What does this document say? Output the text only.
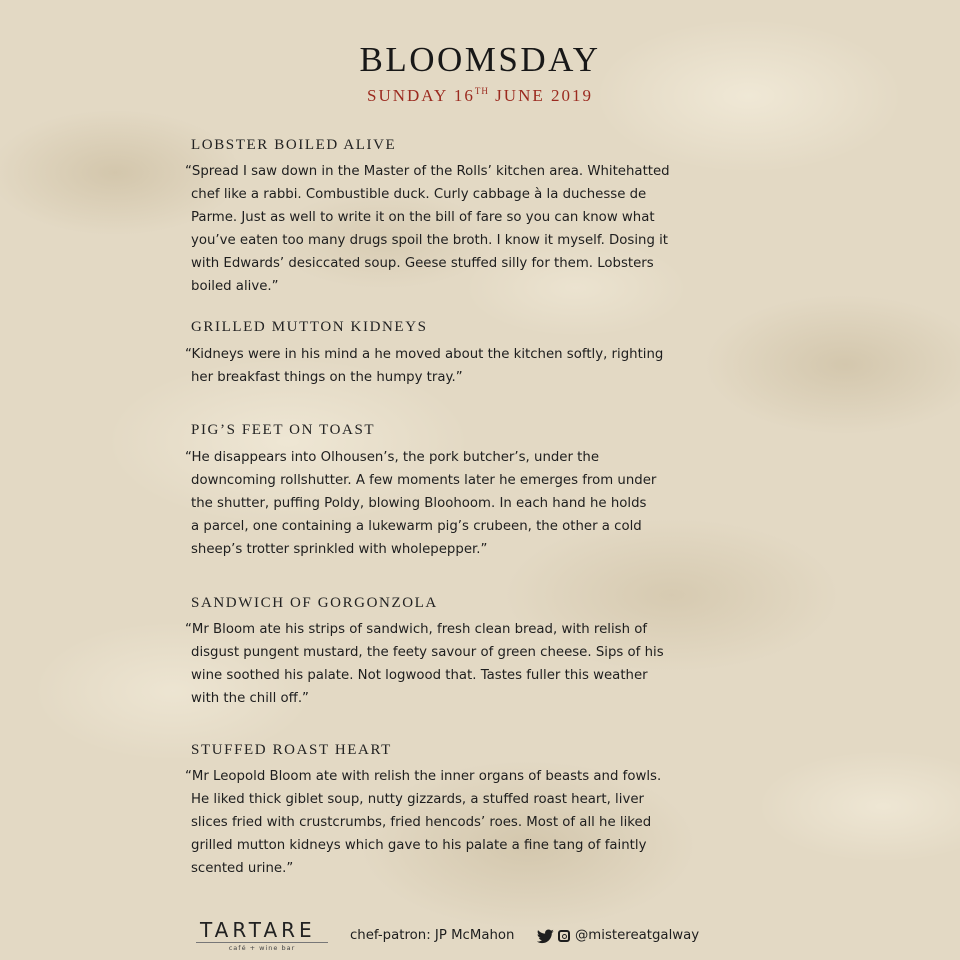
BLOOMSDAY
SUNDAY 16TH JUNE 2019
LOBSTER BOILED ALIVE
“Spread I saw down in the Master of the Rolls’ kitchen area. Whitehatted
chef like a rabbi. Combustible duck. Curly cabbage à la duchesse de
Parme. Just as well to write it on the bill of fare so you can know what
you’ve eaten too many drugs spoil the broth. I know it myself. Dosing it
with Edwards’ desiccated soup. Geese stuffed silly for them. Lobsters
boiled alive.”
GRILLED MUTTON KIDNEYS
“Kidneys were in his mind a he moved about the kitchen softly, righting
her breakfast things on the humpy tray.”
PIG’S FEET ON TOAST
“He disappears into Olhousen’s, the pork butcher’s, under the
downcoming rollshutter. A few moments later he emerges from under
the shutter, puffing Poldy, blowing Bloohoom. In each hand he holds
a parcel, one containing a lukewarm pig’s crubeen, the other a cold
sheep’s trotter sprinkled with wholepepper.”
SANDWICH OF GORGONZOLA
“Mr Bloom ate his strips of sandwich, fresh clean bread, with relish of
disgust pungent mustard, the feety savour of green cheese. Sips of his
wine soothed his palate. Not logwood that. Tastes fuller this weather
with the chill off.”
STUFFED ROAST HEART
“Mr Leopold Bloom ate with relish the inner organs of beasts and fowls.
He liked thick giblet soup, nutty gizzards, a stuffed roast heart, liver
slices fried with crustcrumbs, fried hencods’ roes. Most of all he liked
grilled mutton kidneys which gave to his palate a fine tang of faintly
scented urine.”
TARTARE
café + wine bar
chef-patron: JP McMahon	@mistereatgalway
